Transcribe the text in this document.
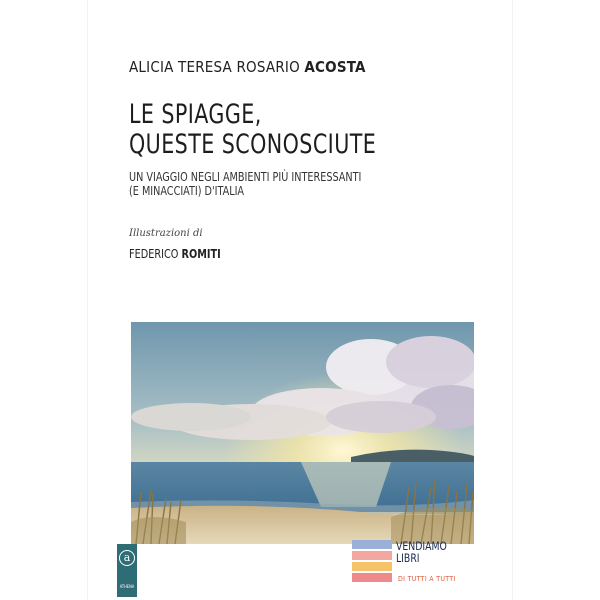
ALICIA TERESA ROSARIO ACOSTA
LE SPIAGGE,
QUESTE SCONOSCIUTE
UN VIAGGIO NEGLI AMBIENTI PIÙ INTERESSANTI
(E MINACCIATI) D'ITALIA
Illustrazioni di
FEDERICO ROMITI
a
ATHENA
VENDIAMO
LIBRI
DI TUTTI A TUTTI
